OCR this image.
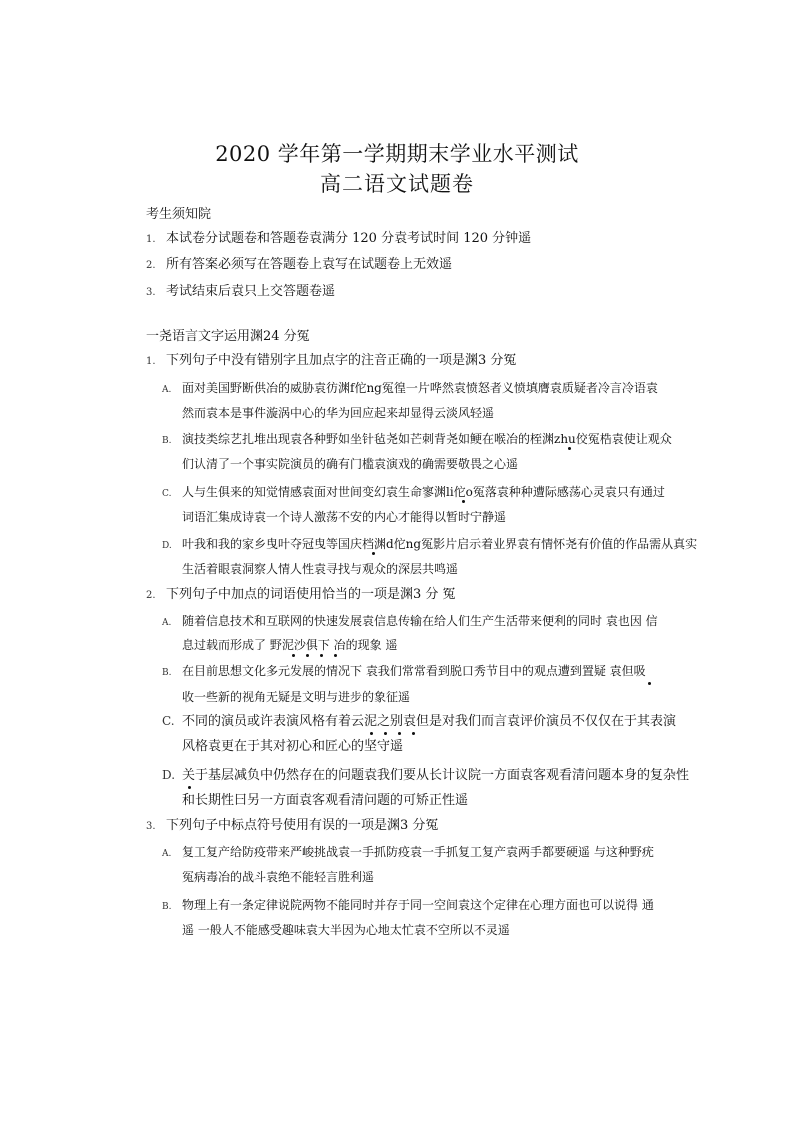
2020 学年第一学期期末学业水平测试
高二语文试题卷
考生须知院
1. 本试卷分试题卷和答题卷袁满分 120 分袁考试时间 120 分钟遥
2. 所有答案必须写在答题卷上袁写在试题卷上无效遥
3. 考试结束后袁只上交答题卷遥
一尧语言文字运用渊24 分冤
1. 下列句子中没有错别字且加点字的注音正确的一项是渊3 分冤
A. 面对美国野断供冶的威胁袁彷渊f佗ng冤徨一片哗然袁愤怒者义愤填膺袁质疑者冷言冷语袁
然而袁本是事件漩涡中心的华为回应起来却显得云淡风轻遥
B. 演技类综艺扎堆出现袁各种野如坐针毡尧如芒刺背尧如鲠在喉冶的桎渊zhu佼冤梏袁使让观众
们认清了一个事实院演员的确有门槛袁演戏的确需要敬畏之心遥
C. 人与生俱来的知觉情感袁面对世间变幻袁生命寥渊li佗o冤落袁种种遭际感荡心灵袁只有通过
词语汇集成诗袁一个诗人激荡不安的内心才能得以暂时宁静遥
D. 叶我和我的家乡曳叶夺冠曳等国庆档渊d佗ng冤影片启示着业界袁有情怀尧有价值的作品需从真实
生活着眼袁洞察人情人性袁寻找与观众的深层共鸣遥
2. 下列句子中加点的词语使用恰当的一项是渊3 分 冤
A. 随着信息技术和互联网的快速发展袁信息传输在给人们生产生活带来便利的同时 袁也因 信
息过载而形成了 野泥沙俱下 冶的现象 遥
B. 在目前思想文化多元发展的情况下 袁我们常常看到脱口秀节目中的观点遭到置疑 袁但吸
收一些新的视角无疑是文明与进步的象征遥
C. 不同的演员或许表演风格有着云泥之别袁但是对我们而言袁评价演员不仅仅在于其表演
风格袁更在于其对初心和匠心的坚守遥
D. 关于基层减负中仍然存在的问题袁我们要从长计议院一方面袁客观看清问题本身的复杂性
和长期性曰另一方面袁客观看清问题的可矫正性遥
3. 下列句子中标点符号使用有误的一项是渊3 分冤
A. 复工复产给防疫带来严峻挑战袁一手抓防疫袁一手抓复工复产袁两手都要硬遥 与这种野疣
冤病毒冶的战斗袁绝不能轻言胜利遥
B. 物理上有一条定律说院两物不能同时并存于同一空间袁这个定律在心理方面也可以说得 通
遥 一般人不能感受趣味袁大半因为心地太忙袁不空所以不灵遥
